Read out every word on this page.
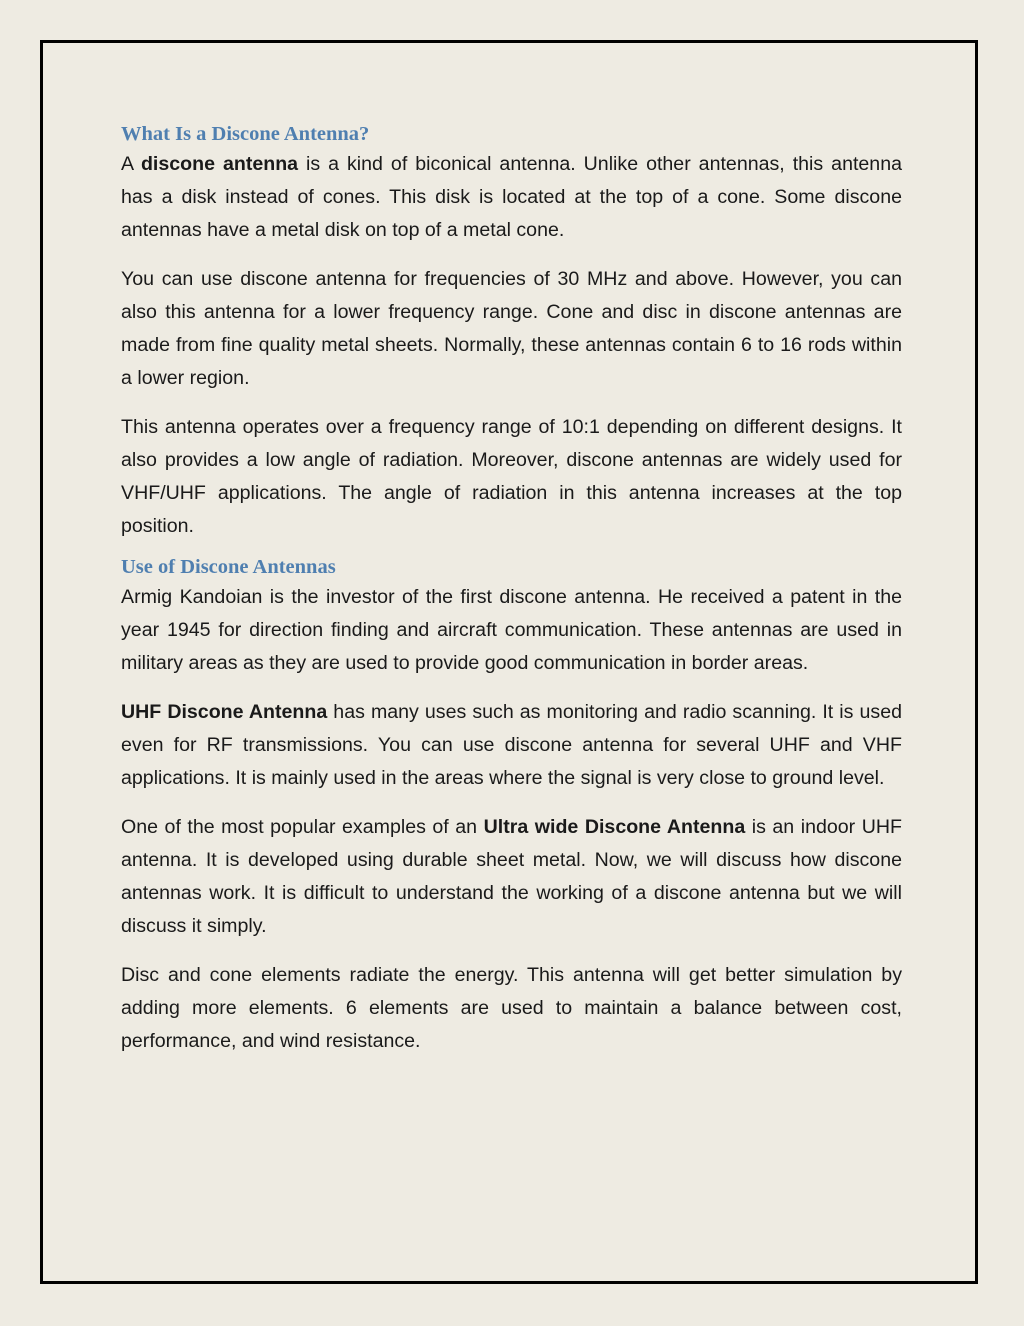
What Is a Discone Antenna?

A discone antenna is a kind of biconical antenna. Unlike other antennas, this antenna has a disk instead of cones. This disk is located at the top of a cone. Some discone antennas have a metal disk on top of a metal cone.

You can use discone antenna for frequencies of 30 MHz and above. However, you can also this antenna for a lower frequency range. Cone and disc in discone antennas are made from fine quality metal sheets. Normally, these antennas contain 6 to 16 rods within a lower region.

This antenna operates over a frequency range of 10:1 depending on different designs. It also provides a low angle of radiation. Moreover, discone antennas are widely used for VHF/UHF applications. The angle of radiation in this antenna increases at the top position.

Use of Discone Antennas

Armig Kandoian is the investor of the first discone antenna. He received a patent in the year 1945 for direction finding and aircraft communication. These antennas are used in military areas as they are used to provide good communication in border areas.

UHF Discone Antenna has many uses such as monitoring and radio scanning. It is used even for RF transmissions. You can use discone antenna for several UHF and VHF applications. It is mainly used in the areas where the signal is very close to ground level.

One of the most popular examples of an Ultra wide Discone Antenna is an indoor UHF antenna. It is developed using durable sheet metal. Now, we will discuss how discone antennas work. It is difficult to understand the working of a discone antenna but we will discuss it simply.

Disc and cone elements radiate the energy. This antenna will get better simulation by adding more elements. 6 elements are used to maintain a balance between cost, performance, and wind resistance.
